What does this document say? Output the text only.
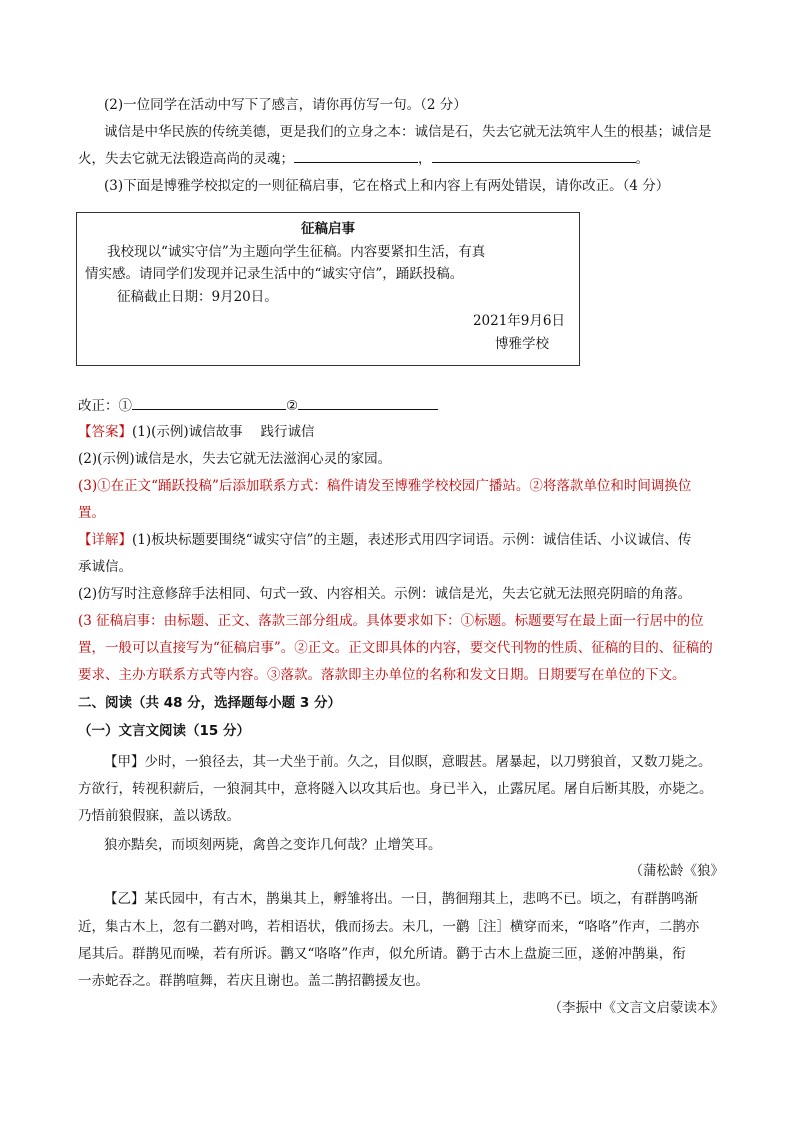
(2)一位同学在活动中写下了感言，请你再仿写一句。（2 分）
诚信是中华民族的传统美德，更是我们的立身之本：诚信是石，失去它就无法筑牢人生的根基；诚信是
火，失去它就无法锻造高尚的灵魂；	，	。
(3)下面是博雅学校拟定的一则征稿启事，它在格式上和内容上有两处错误，请你改正。（4 分）
征稿启事
我校现以“诚实守信”为主题向学生征稿。内容要紧扣生活，有真
情实感。请同学们发现并记录生活中的“诚实守信”，踊跃投稿。
征稿截止日期：9月20日。
2021年9月6日
博雅学校
改正：①	②
【答案】(1)(示例)诚信故事　 践行诚信
(2)(示例)诚信是水，失去它就无法滋润心灵的家园。
(3)①在正文“踊跃投稿”后添加联系方式：稿件请发至博雅学校校园广播站。②将落款单位和时间调换位
置。
【详解】(1)板块标题要围绕“诚实守信”的主题，表述形式用四字词语。示例：诚信佳话、小议诚信、传
承诚信。
(2)仿写时注意修辞手法相同、句式一致、内容相关。示例：诚信是光，失去它就无法照亮阴暗的角落。
(3 征稿启事：由标题、正文、落款三部分组成。具体要求如下：①标题。标题要写在最上面一行居中的位
置，一般可以直接写为“征稿启事”。②正文。正文即具体的内容，要交代刊物的性质、征稿的目的、征稿的
要求、主办方联系方式等内容。③落款。落款即主办单位的名称和发文日期。日期要写在单位的下文。
二、阅读（共 48 分，选择题每小题 3 分）
（一）文言文阅读（15 分）
【甲】少时，一狼径去，其一犬坐于前。久之，目似瞑，意暇甚。屠暴起，以刀劈狼首，又数刀毙之。
方欲行，转视积薪后，一狼洞其中，意将隧入以攻其后也。身已半入，止露尻尾。屠自后断其股，亦毙之。
乃悟前狼假寐，盖以诱敌。
狼亦黠矣，而顷刻两毙，禽兽之变诈几何哉？止增笑耳。
（蒲松龄《狼》
【乙】某氏园中，有古木，鹊巢其上，孵雏将出。一日，鹊徊翔其上，悲鸣不已。顷之，有群鹊鸣渐
近，集古木上，忽有二鹳对鸣，若相语状，俄而扬去。未几，一鹳［注］横穿而来，“咯咯”作声，二鹊亦
尾其后。群鹊见而噪，若有所诉。鹳又“咯咯”作声，似允所请。鹳于古木上盘旋三匝，遂俯冲鹊巢，衔
一赤蛇吞之。群鹊喧舞，若庆且谢也。盖二鹊招鹳援友也。
（李振中《文言文启蒙读本》
